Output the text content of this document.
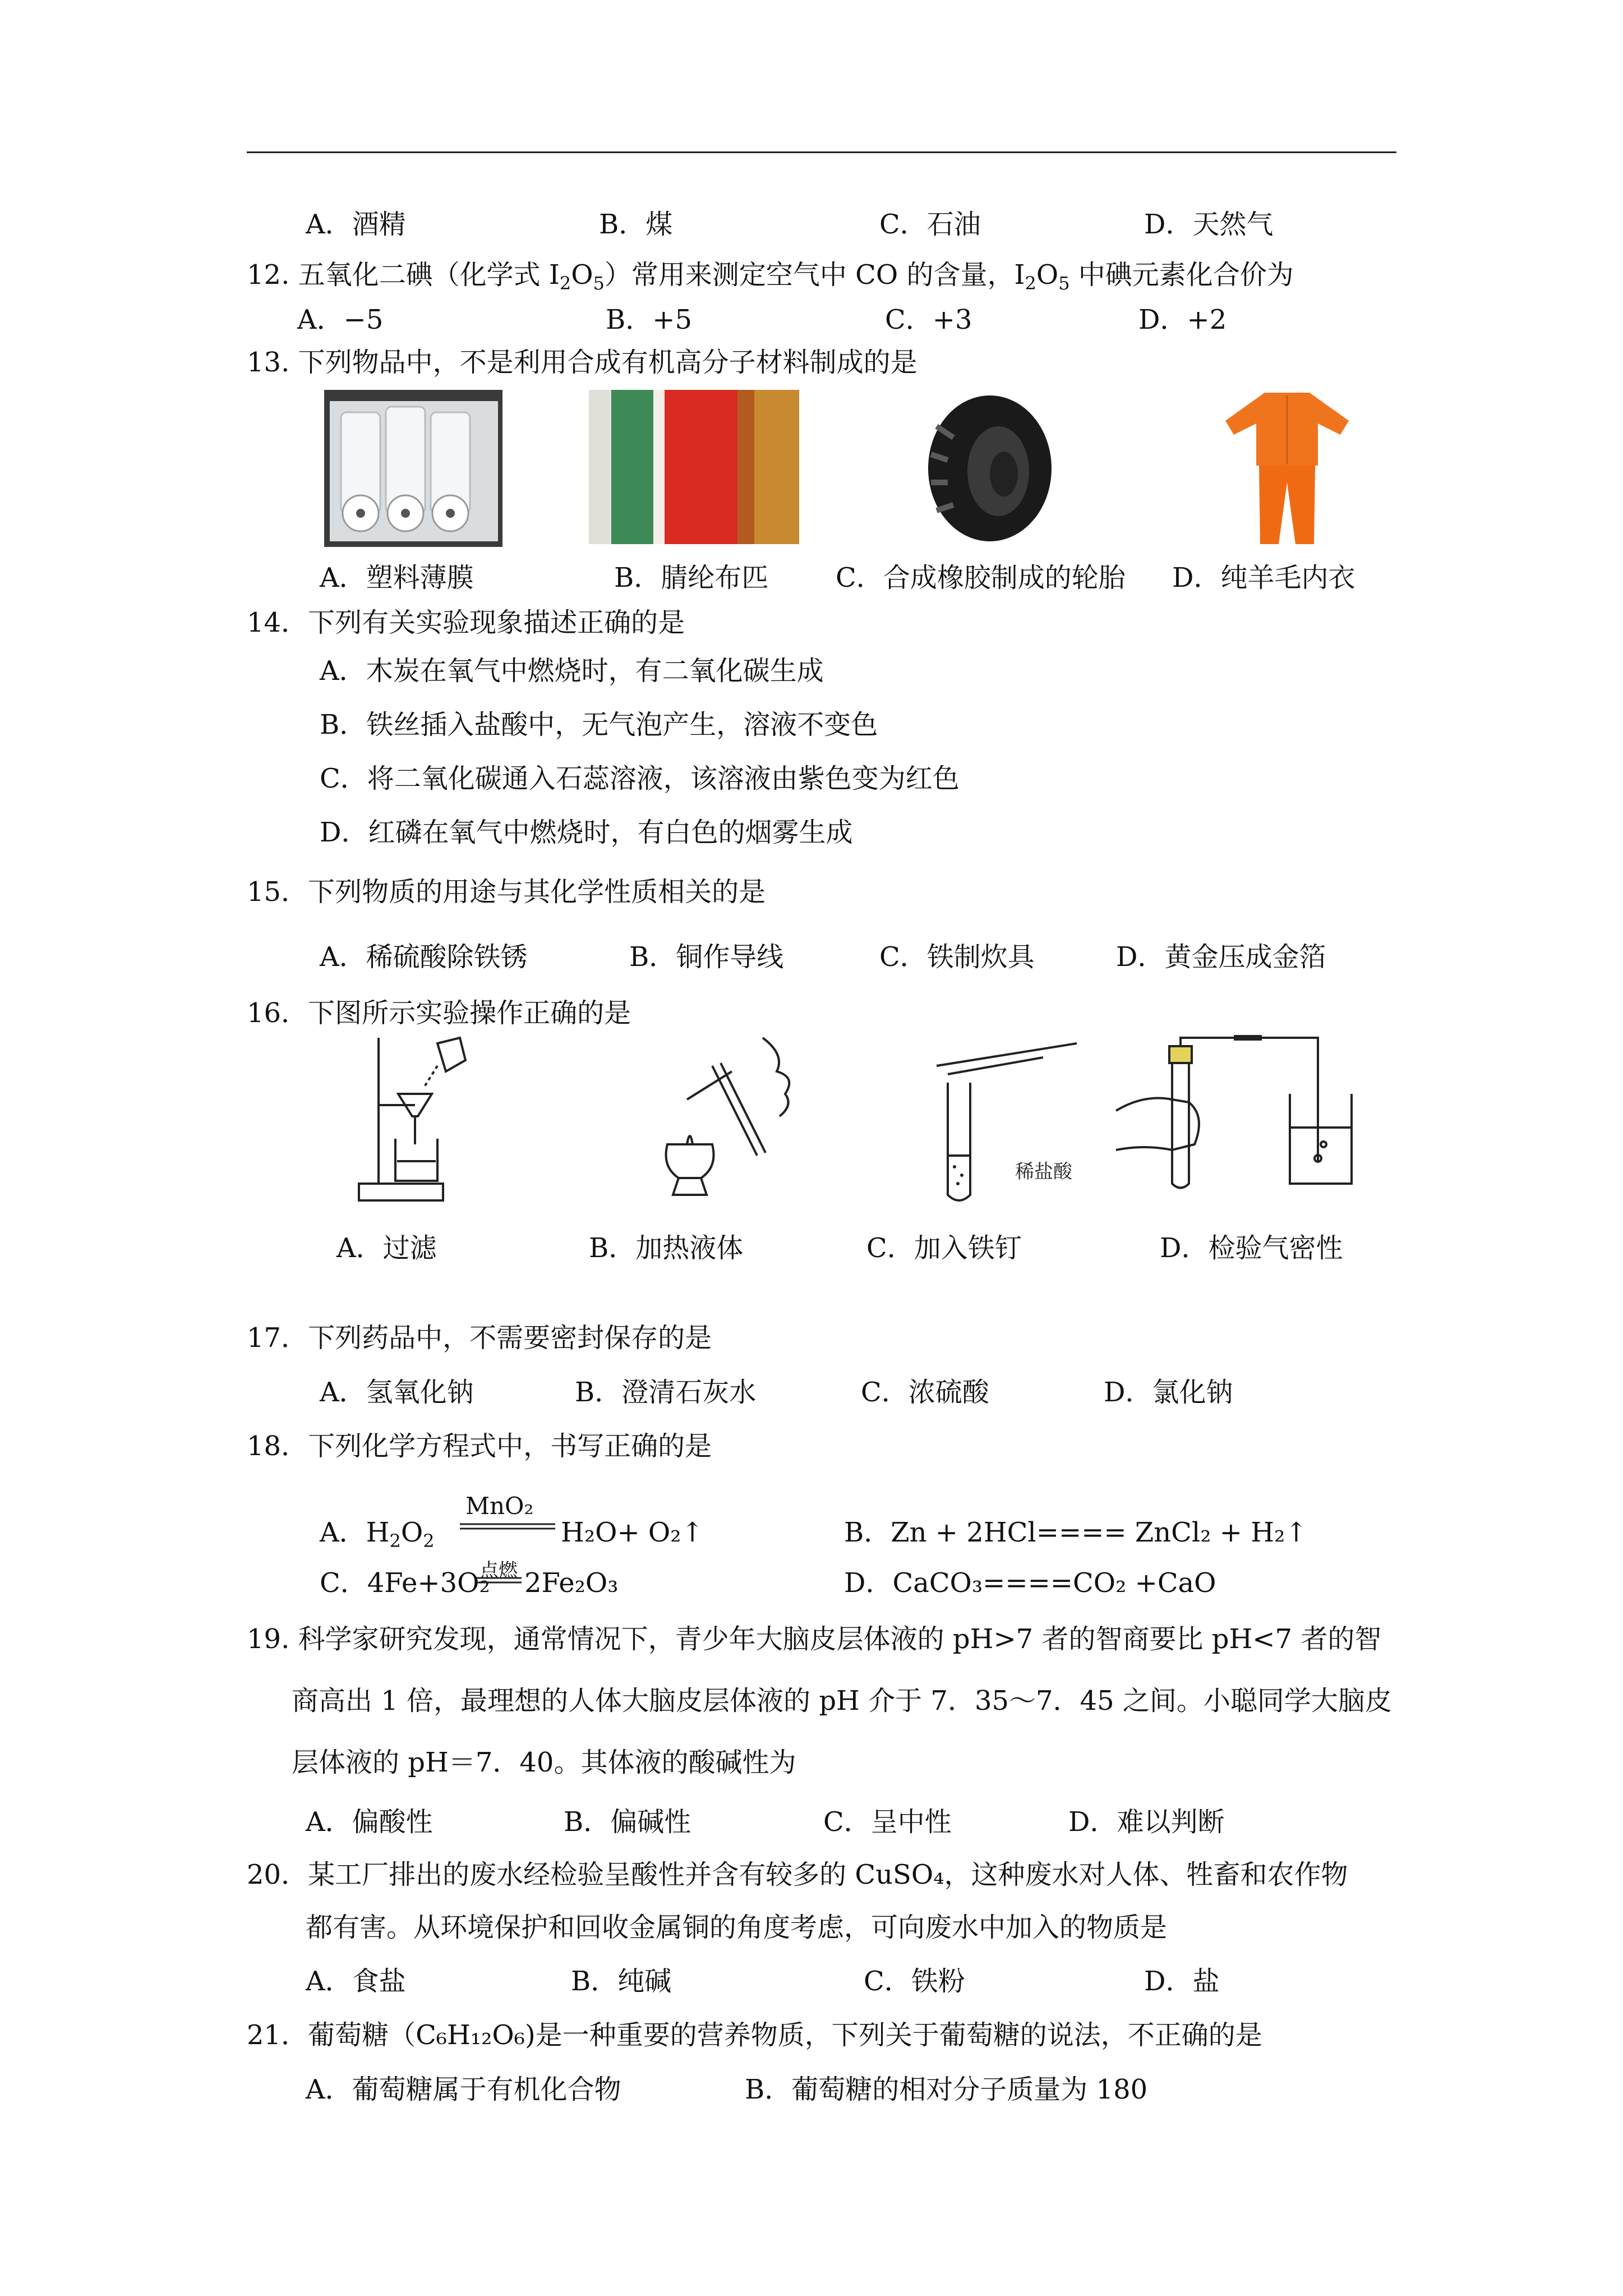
A．酒精	B．煤	C．石油	D．天然气
12. 五氧化二碘（化学式 $I_2O_5$）常用来测定空气中 CO 的含量，$I_2O_5$ 中碘元素化合价为
A．−5	B．+5	C．+3	D．+2
13. 下列物品中，不是利用合成有机高分子材料制成的是
A．塑料薄膜	B．腈纶布匹 C．合成橡胶制成的轮胎 D．纯羊毛内衣
14．下列有关实验现象描述正确的是
A．木炭在氧气中燃烧时，有二氧化碳生成
B．铁丝插入盐酸中，无气泡产生，溶液不变色
C．将二氧化碳通入石蕊溶液，该溶液由紫色变为红色
D．红磷在氧气中燃烧时，有白色的烟雾生成
15．下列物质的用途与其化学性质相关的是
A．稀硫酸除铁锈	B．铜作导线	C．铁制炊具	D．黄金压成金箔
16．下图所示实验操作正确的是
稀盐酸
A．过滤	B．加热液体	C．加入铁钉	D．检验气密性
17．下列药品中，不需要密封保存的是
A．氢氧化钠	B．澄清石灰水	C．浓硫酸	D．氯化钠
18．下列化学方程式中，书写正确的是
A．$H_2O_2$
MnO₂
H₂O+ O₂↑	B．Zn + 2HCl==== ZnCl₂ + H₂↑
C．4Fe+3O₂
点燃 2Fe₂O₃	D．CaCO₃====CO₂ +CaO
19. 科学家研究发现，通常情况下，青少年大脑皮层体液的 pH>7 者的智商要比 pH<7 者的智
商高出 1 倍，最理想的人体大脑皮层体液的 pH 介于 7．35～7．45 之间。小聪同学大脑皮
层体液的 pH＝7．40。其体液的酸碱性为
A．偏酸性	B．偏碱性	C．呈中性	D．难以判断
20．某工厂排出的废水经检验呈酸性并含有较多的 CuSO₄，这种废水对人体、牲畜和农作物
都有害。从环境保护和回收金属铜的角度考虑，可向废水中加入的物质是
A．食盐	B．纯碱	C．铁粉	D．盐
21．葡萄糖（C₆H₁₂O₆)是一种重要的营养物质，下列关于葡萄糖的说法，不正确的是
A．葡萄糖属于有机化合物	B．葡萄糖的相对分子质量为 180
